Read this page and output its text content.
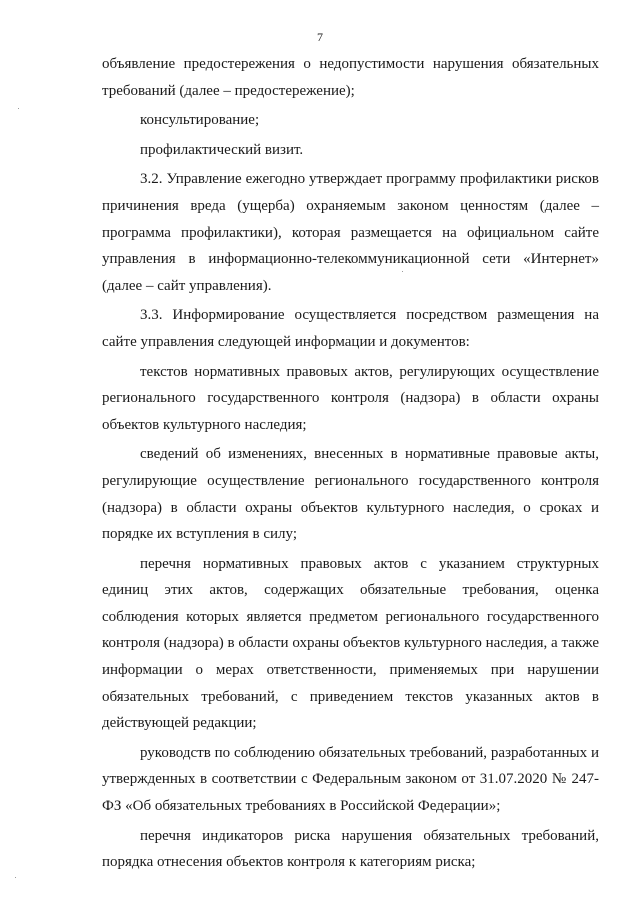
7

объявление предостережения о недопустимости нарушения обязательных требований (далее – предостережение);

консультирование;

профилактический визит.

3.2. Управление ежегодно утверждает программу профилактики рисков причинения вреда (ущерба) охраняемым законом ценностям (далее – программа профилактики), которая размещается на официальном сайте управления в информационно-телекоммуникационной сети «Интернет» (далее – сайт управления).

3.3. Информирование осуществляется посредством размещения на сайте управления следующей информации и документов:

текстов нормативных правовых актов, регулирующих осуществление регионального государственного контроля (надзора) в области охраны объектов культурного наследия;

сведений об изменениях, внесенных в нормативные правовые акты, регулирующие осуществление регионального государственного контроля (надзора) в области охраны объектов культурного наследия, о сроках и порядке их вступления в силу;

перечня нормативных правовых актов с указанием структурных единиц этих актов, содержащих обязательные требования, оценка соблюдения которых является предметом регионального государственного контроля (надзора) в области охраны объектов культурного наследия, а также информации о мерах ответственности, применяемых при нарушении обязательных требований, с приведением текстов указанных актов в действующей редакции;

руководств по соблюдению обязательных требований, разработанных и утвержденных в соответствии с Федеральным законом от 31.07.2020 № 247-ФЗ «Об обязательных требованиях в Российской Федерации»;

перечня индикаторов риска нарушения обязательных требований, порядка отнесения объектов контроля к категориям риска;
